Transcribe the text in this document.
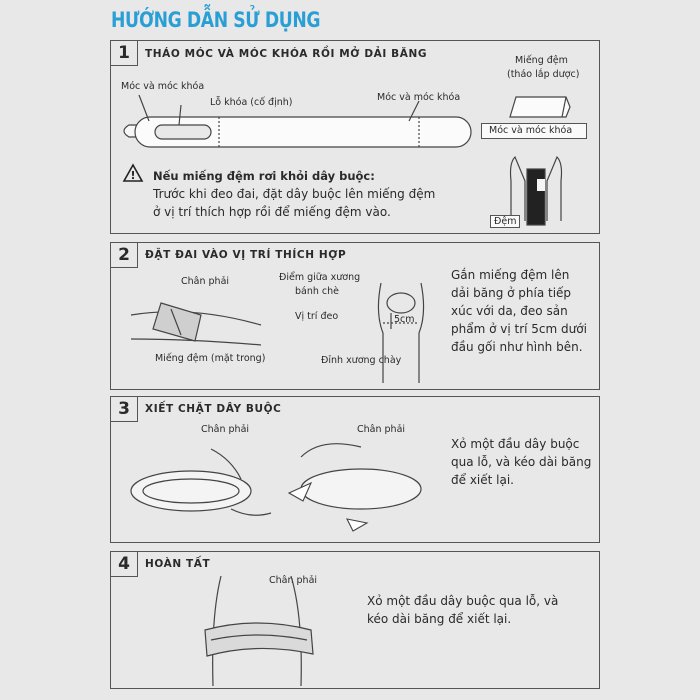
HƯỚNG DẪN SỬ DỤNG
1	THÁO MÓC VÀ MÓC KHÓA RỒI MỞ DẢI BĂNG
Móc và móc khóa
Lỗ khóa (cố định)	Móc và móc khóa
Miếng đệm
(tháo lắp dược)
Móc và móc khóa
Đệm
! Nếu miếng đệm rơi khỏi dây buộc:
Trước khi đeo đai, đặt dây buộc lên miếng đệm ở vị trí thích hợp rồi để miếng đệm vào.
2	ĐẶT ĐAI VÀO VỊ TRÍ THÍCH HỢP
Chân phải
Miếng đệm (mặt trong)
Điểm giữa xương
bánh chè
Vị trí đeo	5cm
Đỉnh xương chày
Gắn miếng đệm lên dải băng ở phía tiếp xúc với da, đeo sản phẩm ở vị trí 5cm dưới đầu gối như hình bên.
3	XIẾT CHẶT DÂY BUỘC
Chân phải	Chân phải
Xỏ một đầu dây buộc qua lỗ, và kéo dài băng để xiết lại.
4	HOÀN TẤT
Chân phải
Xỏ một đầu dây buộc qua lỗ, và kéo dài băng để xiết lại.
